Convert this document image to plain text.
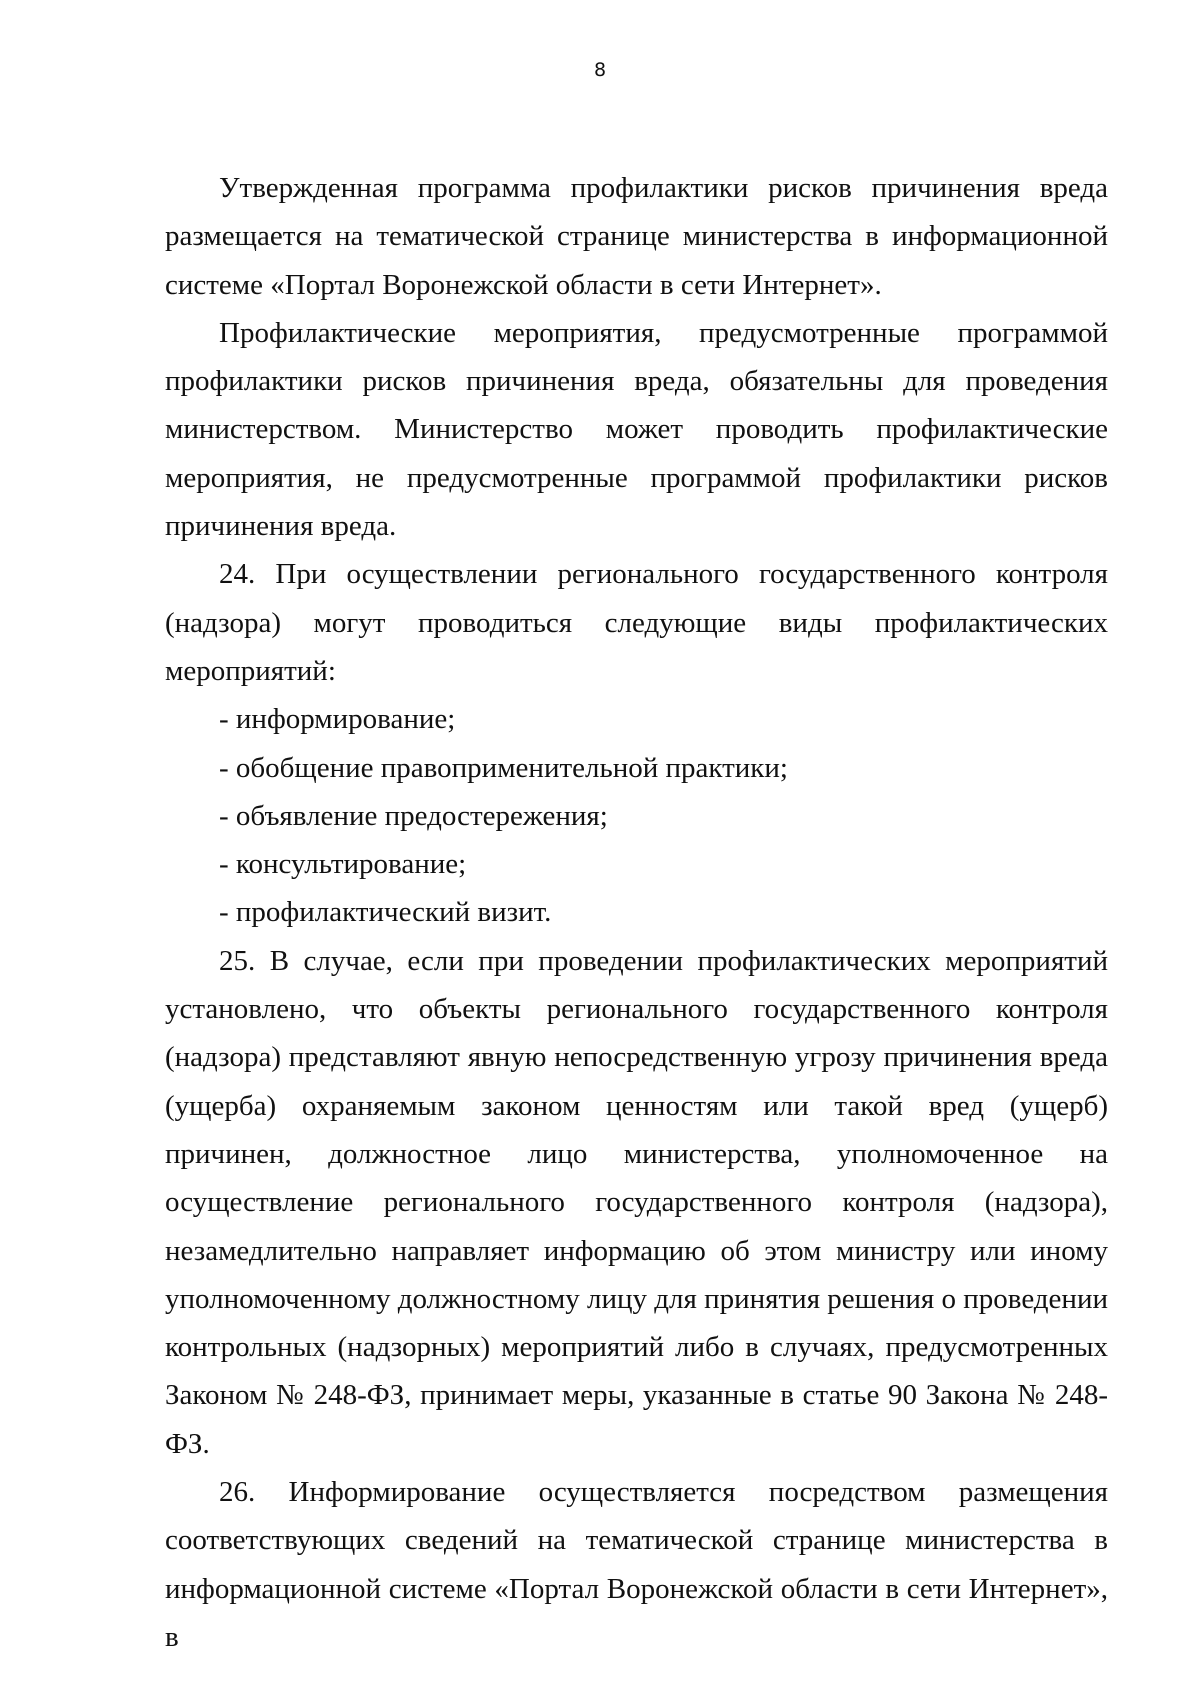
8

Утвержденная программа профилактики рисков причинения вреда размещается на тематической странице министерства в информационной системе «Портал Воронежской области в сети Интернет».

Профилактические мероприятия, предусмотренные программой профилактики рисков причинения вреда, обязательны для проведения министерством. Министерство может проводить профилактические мероприятия, не предусмотренные программой профилактики рисков причинения вреда.

24. При осуществлении регионального государственного контроля (надзора) могут проводиться следующие виды профилактических мероприятий:

- информирование;

- обобщение правоприменительной практики;

- объявление предостережения;

- консультирование;

- профилактический визит.

25. В случае, если при проведении профилактических мероприятий установлено, что объекты регионального государственного контроля (надзора) представляют явную непосредственную угрозу причинения вреда (ущерба) охраняемым законом ценностям или такой вред (ущерб) причинен, должностное лицо министерства, уполномоченное на осуществление регионального государственного контроля (надзора), незамедлительно направляет информацию об этом министру или иному уполномоченному должностному лицу для принятия решения о проведении контрольных (надзорных) мероприятий либо в случаях, предусмотренных Законом № 248-ФЗ, принимает меры, указанные в статье 90 Закона № 248-ФЗ.

26. Информирование осуществляется посредством размещения соответствующих сведений на тематической странице министерства в информационной системе «Портал Воронежской области в сети Интернет», в
